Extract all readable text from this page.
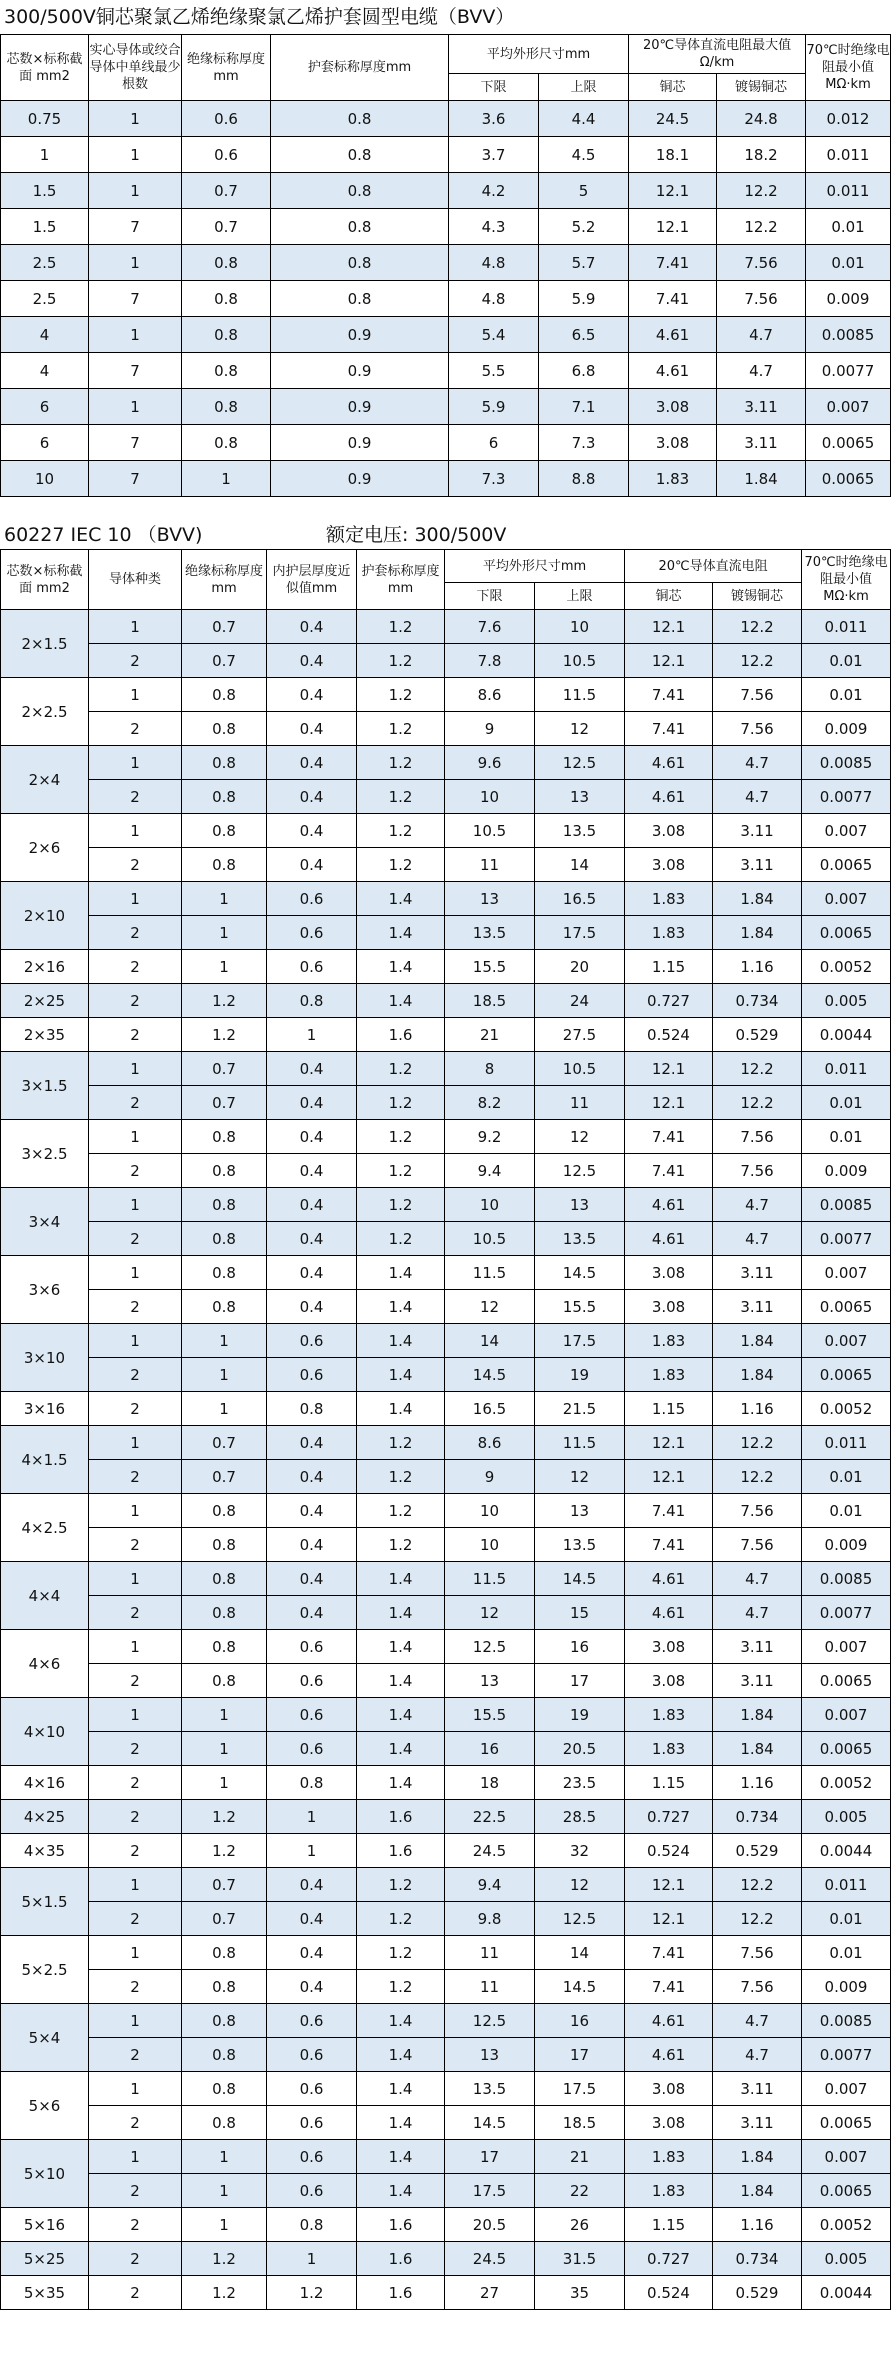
300/500V铜芯聚氯乙烯绝缘聚氯乙烯护套圆型电缆（BVV）
芯数×标称截面 mm2	实心导体或绞合导体中单线最少根数	绝缘标称厚度mm	护套标称厚度mm	平均外形尺寸mm		20℃导体直流电阻最大值Ω/km		70℃时绝缘电阻最小值MΩ·km
				下限	上限	铜芯	镀锡铜芯	
0.75	1	0.6	0.8	3.6	4.4	24.5	24.8	0.012
1	1	0.6	0.8	3.7	4.5	18.1	18.2	0.011
1.5	1	0.7	0.8	4.2	5	12.1	12.2	0.011
1.5	7	0.7	0.8	4.3	5.2	12.1	12.2	0.01
2.5	1	0.8	0.8	4.8	5.7	7.41	7.56	0.01
2.5	7	0.8	0.8	4.8	5.9	7.41	7.56	0.009
4	1	0.8	0.9	5.4	6.5	4.61	4.7	0.0085
4	7	0.8	0.9	5.5	6.8	4.61	4.7	0.0077
6	1	0.8	0.9	5.9	7.1	3.08	3.11	0.007
6	7	0.8	0.9	6	7.3	3.08	3.11	0.0065
10	7	1	0.9	7.3	8.8	1.83	1.84	0.0065
60227 IEC 10 （BVV)	额定电压: 300/500V
芯数×标称截面 mm2	导体种类	绝缘标称厚度mm	内护层厚度近似值mm	护套标称厚度mm	平均外形尺寸mm		20℃导体直流电阻		70℃时绝缘电阻最小值MΩ·km
					下限	上限	铜芯	镀锡铜芯	
2×1.5	1	0.7	0.4	1.2	7.6	10	12.1	12.2	0.011
	2	0.7	0.4	1.2	7.8	10.5	12.1	12.2	0.01
2×2.5	1	0.8	0.4	1.2	8.6	11.5	7.41	7.56	0.01
	2	0.8	0.4	1.2	9	12	7.41	7.56	0.009
2×4	1	0.8	0.4	1.2	9.6	12.5	4.61	4.7	0.0085
	2	0.8	0.4	1.2	10	13	4.61	4.7	0.0077
2×6	1	0.8	0.4	1.2	10.5	13.5	3.08	3.11	0.007
	2	0.8	0.4	1.2	11	14	3.08	3.11	0.0065
2×10	1	1	0.6	1.4	13	16.5	1.83	1.84	0.007
	2	1	0.6	1.4	13.5	17.5	1.83	1.84	0.0065
2×16	2	1	0.6	1.4	15.5	20	1.15	1.16	0.0052
2×25	2	1.2	0.8	1.4	18.5	24	0.727	0.734	0.005
2×35	2	1.2	1	1.6	21	27.5	0.524	0.529	0.0044
3×1.5	1	0.7	0.4	1.2	8	10.5	12.1	12.2	0.011
	2	0.7	0.4	1.2	8.2	11	12.1	12.2	0.01
3×2.5	1	0.8	0.4	1.2	9.2	12	7.41	7.56	0.01
	2	0.8	0.4	1.2	9.4	12.5	7.41	7.56	0.009
3×4	1	0.8	0.4	1.2	10	13	4.61	4.7	0.0085
	2	0.8	0.4	1.2	10.5	13.5	4.61	4.7	0.0077
3×6	1	0.8	0.4	1.4	11.5	14.5	3.08	3.11	0.007
	2	0.8	0.4	1.4	12	15.5	3.08	3.11	0.0065
3×10	1	1	0.6	1.4	14	17.5	1.83	1.84	0.007
	2	1	0.6	1.4	14.5	19	1.83	1.84	0.0065
3×16	2	1	0.8	1.4	16.5	21.5	1.15	1.16	0.0052
4×1.5	1	0.7	0.4	1.2	8.6	11.5	12.1	12.2	0.011
	2	0.7	0.4	1.2	9	12	12.1	12.2	0.01
4×2.5	1	0.8	0.4	1.2	10	13	7.41	7.56	0.01
	2	0.8	0.4	1.2	10	13.5	7.41	7.56	0.009
4×4	1	0.8	0.4	1.4	11.5	14.5	4.61	4.7	0.0085
	2	0.8	0.4	1.4	12	15	4.61	4.7	0.0077
4×6	1	0.8	0.6	1.4	12.5	16	3.08	3.11	0.007
	2	0.8	0.6	1.4	13	17	3.08	3.11	0.0065
4×10	1	1	0.6	1.4	15.5	19	1.83	1.84	0.007
	2	1	0.6	1.4	16	20.5	1.83	1.84	0.0065
4×16	2	1	0.8	1.4	18	23.5	1.15	1.16	0.0052
4×25	2	1.2	1	1.6	22.5	28.5	0.727	0.734	0.005
4×35	2	1.2	1	1.6	24.5	32	0.524	0.529	0.0044
5×1.5	1	0.7	0.4	1.2	9.4	12	12.1	12.2	0.011
	2	0.7	0.4	1.2	9.8	12.5	12.1	12.2	0.01
5×2.5	1	0.8	0.4	1.2	11	14	7.41	7.56	0.01
	2	0.8	0.4	1.2	11	14.5	7.41	7.56	0.009
5×4	1	0.8	0.6	1.4	12.5	16	4.61	4.7	0.0085
	2	0.8	0.6	1.4	13	17	4.61	4.7	0.0077
5×6	1	0.8	0.6	1.4	13.5	17.5	3.08	3.11	0.007
	2	0.8	0.6	1.4	14.5	18.5	3.08	3.11	0.0065
5×10	1	1	0.6	1.4	17	21	1.83	1.84	0.007
	2	1	0.6	1.4	17.5	22	1.83	1.84	0.0065
5×16	2	1	0.8	1.6	20.5	26	1.15	1.16	0.0052
5×25	2	1.2	1	1.6	24.5	31.5	0.727	0.734	0.005
5×35	2	1.2	1.2	1.6	27	35	0.524	0.529	0.0044
